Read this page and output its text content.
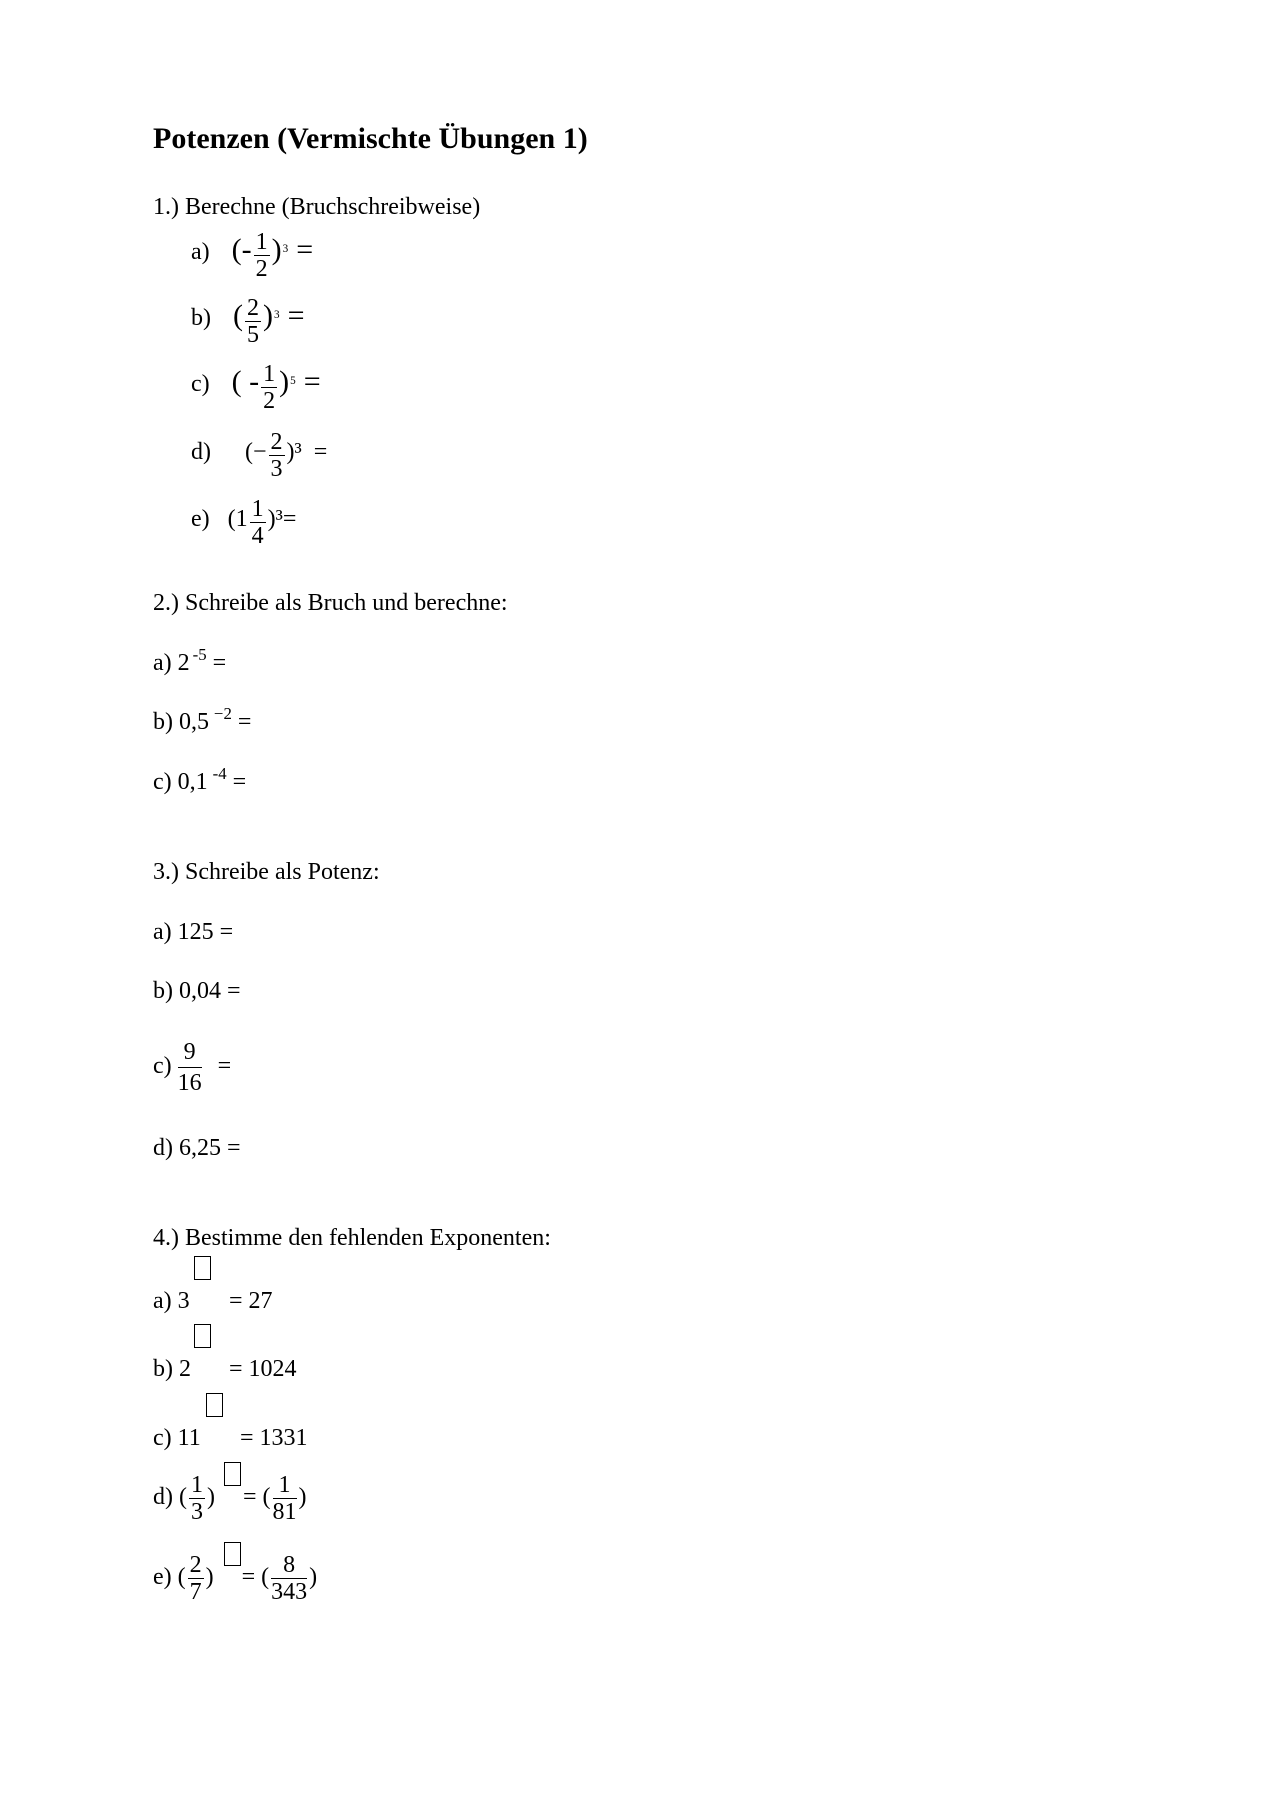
Potenzen (Vermischte Übungen 1)
1.) Berechne (Bruchschreibweise)
a) (- $\frac{1}{2} )^3$ =
b) ( $\frac{2}{5} )^3$ =
c) ( - $\frac{1}{2} )^5$ =
d) (− $\frac{2}{3} )^3$ =
e) $(1 \frac{1}{4} )^3=$
2.) Schreibe als Bruch und berechne:
a) 2 $^{-5}$ =
b) 0,5 $^{-2}$ =
c) 0,1 $^{-4}$ =
3.) Schreibe als Potenz:
a) 125 =
b) 0,04 =
$c) \frac{9}{16}$ =
d) 6,25 =
4.) Bestimme den fehlenden Exponenten:
a) 3 = 27
b) 2 = 1024
c) 11 = 1331
d) ( $\frac{1}{3}$ ) = ( $\frac{1}{81}$ )
e) ( $\frac{2}{7}$ ) = ( $\frac{8}{343}$ )
